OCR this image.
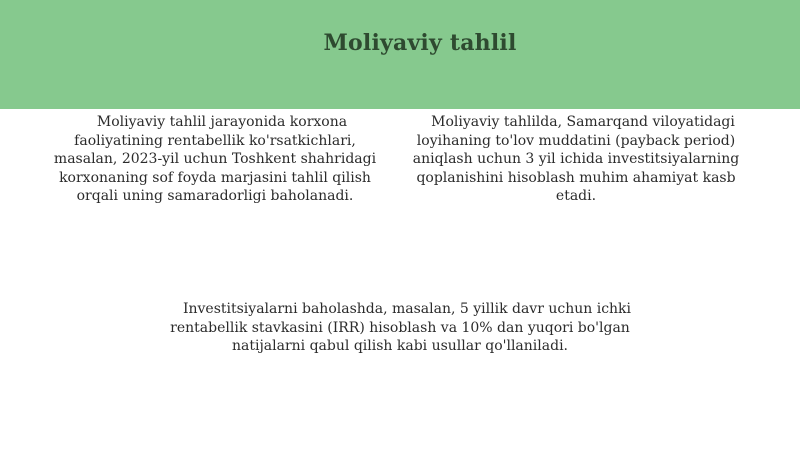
Moliyaviy tahlil

Moliyaviy tahlil jarayonida korxona faoliyatining rentabellik ko'rsatkichlari, masalan, 2023-yil uchun Toshkent shahridagi korxonaning sof foyda marjasini tahlil qilish orqali uning samaradorligi baholanadi.

Moliyaviy tahlilda, Samarqand viloyatidagi loyihaning to'lov muddatini (payback period) aniqlash uchun 3 yil ichida investitsiyalarning qoplanishini hisoblash muhim ahamiyat kasb etadi.

Investitsiyalarni baholashda, masalan, 5 yillik davr uchun ichki rentabellik stavkasini (IRR) hisoblash va 10% dan yuqori bo'lgan natijalarni qabul qilish kabi usullar qo'llaniladi.
